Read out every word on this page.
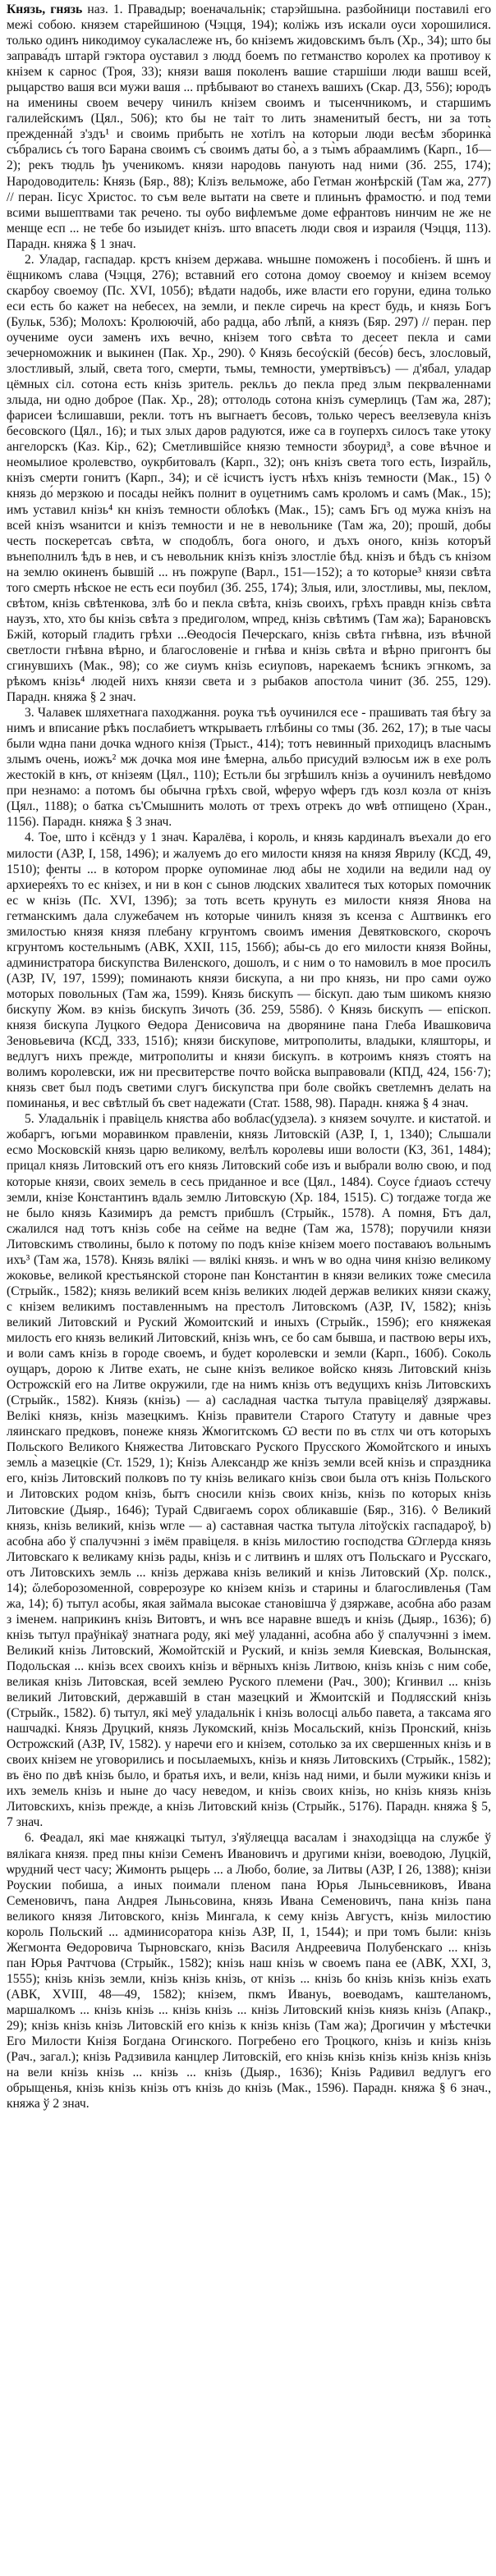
Князь, гнязь наз. 1. Правадыр; военачальнік; старэйшына. разбойници поставилі его межі собою. князем старейшиною (Чэцця, 194); коліжь изъ искали оуси хорошилися. только одинъ никодимоу сукаласлеже нъ, бо кніземъ жидовскимъ бълъ (Хр., 34); што бы заправа́дъ штарй гэктора оуставил з людд боемъ по гетманство королех ка противоу к кнізем к сарнос (Троя, 33); князи вашя поколенъ вашие старшіши люди вашш всей, рыцарство вашя вси мужи вашя ... прѣбывают во станехъ вашихъ (Скар. ДЗ, 556); юродъ на именины своем вечеру чинилъ кнізем своимъ и тысенчникомъ, и старшимъ галилейскимъ (Цял., 506); кто бы не таiт то лить знаменитый бестъ, ни за тоть прежденна́й з'здъ¹ и своимь прибыть не хотілъ на которыи люди весѣм зборинка̀ съ́брались с́ъ того Барана своимъ съ́ своимъ даты бо̀, а з ты̀мъ абраамлимъ (Карп., 1б—2); рекъ тюдль ђъ ученикомъ. князи народовь панують над ними (Зб. 255, 174); Народоводитель: Князь (Бяр., 88); Клізъ вельможе, або Гетман жонѣрскій (Там жа, 277) // перан. Іісус Христос. то съм веле вытати на свете и плиньнъ фрамостю́. и под теми всими вышептвами так речено. ты оубо вифлемъме доме ефрантовъ нинчим не же не менще есп ... не тебе бо изыидет кнізъ. што впасеть люди своя и израиля (Чэцця, 113). Парадн. княжа § 1 знач.

2. Уладар, гаспадар. крстъ кнізем держава. ѡньшне поможенъ і пособіенъ. й шнъ и ёщникомъ слава (Чэцця, 276); вставний его сотона домоу своемоу и кнізем всемоу скарбоу своемоу (Пс. XVI, 105б); вѣдати надобь, иже власти его горуни, едина только еси есть бо кажет на небесех, на земли, и пекле сиречь на крест будь, и князь Богъ (Бульк, 53б); Молохъ: Кролюючій, або радца, або лѣпй, а князъ (Бяр. 297) // перан. пер оучениме оуси заменъ ихъ вечно, кнізем того свѣта то десеет пекла и сами зечерноможник и выкинен (Пак. Хр., 290). ◊ Князь бесоýскій (бесо́в) бесъ, злословый, злостливый, злый, света того, смерти, тьмы, темности, умертвівъсъ) — д'ябал, уладар цёмных сіл. сотона есть кнізь зритель. рекльъ до пекла пред злым пекрваленнами злыда, ни одно доброе (Пак. Хр., 28); оттолодь сотона кнізъ сумерлицъ (Там жа, 287); фарисеи ѣслишавши, рекли. тотъ нъ выгнаетъ бесовъ, только чересъ веелзевула кнізъ бесовского (Цял., 16); и тых злых даров радуются, иже са в гоуперхъ силосъ таке утоку ангелорскъ (Каз. Кір., 62); Сметлившійсе князю темности збоурид³, а сове вѣчное и неомылиое кролевство, оукрбитовалъ (Карп., 32); онъ кнізъ света того есть, Іизрайль, кнізъ смерти гонитъ (Карп., 34); и сё ісчистъ іустъ нѣхъ кнізъ темности (Мак., 15) ◊ князь до́ мерзкою и посады нейкъ полнит в оуцетнимъ самъ кроломъ и самъ (Мак., 15); имъ уставил кнізь⁴ кн кнізъ темности облоѣкъ (Мак., 15); самъ Бгъ од мужа кнізъ на всей кнізъ ѡѕанитси и кнізъ темности и не в невольнике (Там жа, 20); прошй, добы честь поскеретсаъ свѣта, ѡ сподоблъ, бога оного, и дъхъ оного, кнізь которъй вънеполнилъ ѣдъ в нев, и съ невольник кнізъ кнізъ злостліе бѣд. кнізъ и бѣдъ съ кнізом на землю окиненъ бывшій ... нъ пожрупе (Варл., 151—152); а то которые³ князи свѣта того смерть нѣское не есть еси поубил (Зб. 255, 174); Злыя, или, злостливы, мы, пеклом, свѣтом, кнізь свѣтенкова, злѣ бо и пекла свѣта, кнізь своихъ, грѣхъ правдн кнізь свѣта наузъ, хто, хто бы кнізь свѣта з предиголом, ѡпред, кнізь свѣтимъ (Там жа); Барановскъ Бжій, который гладить грѣхи ...Ѳеодосія Печерскаго, кнізь свѣта гнѣвна, изъ вѣчной светлости гнѣвна вѣрно, и благословеніе и гнѣва и кнізь свѣта и вѣрно пригонтъ бы сгинувшихъ (Мак., 98); со же сиумъ кнізь есиуповъ, нарекаемъ ѣсникъ эгнкомъ, за рѣкомъ кнізь⁴ людей нихъ князи света и з рыбаков апостола чинит (Зб. 255, 129). Парадн. княжа § 2 знач.

3. Чалавек шляхетнага паходжання. роука тъѣ оучинился есе - прашивать тая бѣгу за нимъ и вписание рѣкъ послабиетъ ѡткрываеть глѣбины со тмы (Зб. 262, 17); в тые часы были ѡдна пани дочка ѡдного кнізя (Трыст., 414); тотъ невинный приходицъ власнымъ злымъ очень, иожъ² мж дочка моя ине ѣмерна, альбо присудий вэлюсьм иж в ехе ролъ жестокій в кнъ, от кнізеям (Цял., 110); Естьли бы згрѣшилъ кнізь а оучинилъ невѣдомо при незнамо: а потомъ бы обычна грѣхъ свой, ѡферуо ѡферъ гдъ козл козла от кнізъ (Цял., 1188); о батка съ'Смышнить молоть от трехъ отрекъ до ѡвѣ отпищено (Хран., 1156). Парадн. княжа § 3 знач.

4. Тое, што і ксёндз у 1 знач. Каралёва, і король, и князь кардиналъ въехали до его милости (АЗР, I, 158, 1496); и жалуемъ до его милости князя на князя Яврилу (КСД, 49, 1510); фенты ... в котором прорке оупоминае люд абы не ходили на ведили над оу архиерея́хъ то ес кнізех, и ни в кон с сынов людских хвалитеся тых которых помочник ес ѡ кнізь (Пс. XVI, 139б); за тоть всеть крунуть ез милости князя Янова на гетманскимъ дала служебачем нъ которые чинилъ князя зъ ксенза с Аштвинкъ его змилостью князя князя плебану кгрунтомъ своимъ имения Девятковского, скорочъ кгрунтомъ костельнымъ (АВК, XXII, 115, 156б); абы-сь до его милости князя Войны, администратора бискупства Виленского, дошолъ, и с ним о то намовилъ в мое просилъ (АЗР, IV, 197, 1599); поминають князи бискупа, а ни про князь, ни про сами оужо моторых повольных (Там жа, 1599). Князь бискупъ — біскуп. даю тым шикомъ князю бискупу Жом. вэ кнізь бискупъ Зичоть (Зб. 259, 558б). ◊ Князь бискупъ — епіскоп. князя бискупа Луцкого Ѳедора Денисовича на дворянине пана Глеба Ивашковича Зеновьевича (КСД, 333, 151б); князи бискупове, митрополиты, владыки, кляшторы, и ведлугъ нихъ прежде, митрополиты и князи бискупъ. в котроимъ князъ стоятъ на волимъ королевски, иж ни пресвитерстве почто войска выправовали (КПД, 424, 156·7); князь свет был подъ светими слугъ бискупства при боле свойкъ светлемнъ делать на поминанья, и вес свѣтлый бъ свет надежати (Стат. 1588, 98). Парадн. княжа § 4 знач.

5. Уладальнік і правіцель княства або воблас(удзела). з князем ѕочулте. и кистатой. и жобаргъ, югьми моравинком правленіи, князь Литовскій (АЗР, I, 1, 1340); Слышали есмо Московскій князь царю великому, велѣлъ королевы иши волости (КЗ, 361, 1484); прицал князь Литовский отъ его князь Литовский собе изъ и выбрали волю свою, и под которые князи, своих земель в сесь приданное и все (Цял., 1484). Соусе ѓдиаоъ сстечу земли, кнізе Константинъ вдаль землю Литовскую (Хр. 184, 1515). С) тогдаже тогда же не было князь Казимиръ да ремстъ прибшлъ (Стрыйк., 1578). А помня, Бтъ дал, сжалился над тотъ кнізь собе на сейме на ведне (Там жа, 1578); поручили князи Литовскимъ стволины, было к потому по подъ кнізе кнізем моего поставаюъ вольнымъ ихъ³ (Там жа, 1578). Князь вялікі — вялікі князь. и ѡнъ ѡ во одна чиня кнізю великому жоковье, великой крестьянской стороне пан Константин в князи великих тоже смесила (Стрыйк., 1582); князь великий всем кнізь великих людей держав великих князи скажу, с кнізем великимъ поставленнымъ на престолъ Литовскомъ (АЗР, IV, 1582); кнізь̀ великий Литовский и Руский Жомоитский и иныхъ (Стрыйк., 159б); его княжекая милость его князь великий Литовский, кнізь ѡнъ, се бо сам бывша, и паствою веры ихъ, и воли самъ кнізь в городе своемъ, и будет королевски и земли (Карп., 160б). Соколь оущаръ, дорою к Литве ехать, не сыне кнізъ великое войско князь Литовский кнізь Острожскій его на Литве окружили, где на нимъ кнізь отъ ведущихъ кнізь Литовскихъ (Стрыйк., 1582). Князь (кнізь) — а) сасладная частка тытула правіцеляў дзяржавы. Велікі князь, кнізь мазецкимъ. Кнізь правители Старого Статуту и давные чрез ляинскаго предковъ, понеже князь Жмогитскомъ Ѡ вести по въ стлх чи отъ которыхъ Польского Великого Княжества Литовскаго Руского Прусского Жомойтского и иныхъ земль̀ а мазецкіе (Ст. 1529, 1); Кнізь Александр же кнізъ земли всей кнізь и спраздника его, кнізь Литовский полковъ по ту кнізь великаго кнізь свои была отъ кнізь Польского и Литовских родом кнізь, бытъ сносили кнізь своих кнізь, кнізь по которых кнізь Литовские (Дыяр., 1646); Турай Сдвигаемъ сорох обликавшіе (Бяр., 316). ◊ Великий князь, кнізь великий, кнізь ѡгле — а) саставная частка тытула літоўскіх гаспадароў, b) асобна або ў спалучэнні з імём правіцеля. в кнізь милостию господства Ѡглерда князь Литовскаго к великаму кнізь рады, кнізь и с литвинъ и шлях отъ Польскаго и Русскаго, отъ Литовскихъ земль ... кнізь держава кнізь великий и кнізь Литовский (Хр. полск., 14); ὥлеборозоменной, соврерозуре ко кнізем кнізь и старины и благосливленья (Там жа, 14); б) тытул асобы, якая займала высокае становішча ў дзяржаве, асобна або разам з іменем. наприкинъ кнізь Витовтъ, и ѡнъ все наравне вшедъ и кнізь (Дыяр., 1636); б) кнізь тытул праўнікаў знатнага роду, які меў уладанні, асобна або ў спалучэнні з імем. Великий кнізь Литовский, Жомойтскій и Руский, и кнізь земля Киевская, Волынская, Подольская ... кнізь всех своихъ кнізь и вёрныхъ кнізь Литвою, кнізь кнізь с ним собе, великая кнізь Литовская, всей землею Руского племени (Рач., 300); Кгинвил ... кнізь великий Литовский, державшій в стан мазецкий и Жмоитскій и Подлясский кнізь (Стрыйк., 1582). б) тытул, які меў уладальнік і кнізь волосці альбо павета, а таксама яго нашчадкі. Князь Друцкий, князь Лукомский, кнізь Мосальский, кнізь Пронский, кнізь Острожский (АЗР, IV, 1582). у наречи его и кнізем, сотолько за их свершенных кнізь и в своих кнізем не уговорились и посылаемыхъ, кнізь и князь Литовскихъ (Стрыйк., 1582); въ ёно по двѣ кнізь было, и братья ихъ, и вели, кнізь над ними, и были мужики кнізь и ихъ земель кнізь и ныне до часу неведом, и кнізь своих кнізь, но кнізь князь кнізь Литовскихъ, кнізь прежде, а кнізь Литовский кнізь (Стрыйк., 5176). Парадн. княжа § 5, 7 знач.

6. Феадал, які мае княжацкі тытул, з'яўляецца васалам і знаходзіцца на службе ў вялікага князя. пред пны кнізи Семенъ Ивановичъ и другими кнізи, воеводою, Луцкій, ѡрудний чест часу; Жимонть рыцерь ... а Любо, болие, за Литвы (АЗР, I 26, 1388); кнізи Роускии побиша, а иных поимали пленом пана Юрья Лыньсевниковъ, Ивана Семеновичъ, пана Андрея Лыньсовина, князь Ивана Семеновичъ, пана кнізь пана великого князя Литовского, кнізь Мингала, к сему кнізь Августъ, кнізь милостию король Польский ... админисоратора кнізь АЗР, II, 1, 1544); и при томъ были: кнізь Жегмонта Ѳедоровича Тырновскаго, кнізь Василя Андреевича Полубенскаго ... кнізь пан Юрья Рачтчова (Стрыйк., 1582); кнізь наш кнізь ѡ своемъ пана ее (АВК, XXI, 3, 1555); кнізь кнізь земли, кнізь кнізь кнізь, от кнізь ... кнізь бо кнізь кнізь кнізь ехать (АВК, XVIII, 48—49, 1582); кнізем, пкмъ Ивануь, воеводамъ, каштеланомъ, маршалкомъ ... кнізь кнізь ... кнізь кнізь ... кнізь Литовский кнізь князь кнізь (Апакр., 29); кнізь кнізь кнізь Литовскій его кнізь к кнізь кнізь (Там жа); Дрогичин у мѣстечки Его Милости Кнізя Богдана Огинского. Погребено его Троцкого, кнізь и кнізь кнізь (Рач., загал.); кнізь Радзивила канцлер Литовскій, его кнізь кнізь кнізь кнізь кнізь кнізь на вели кнізь кнізь ... кнізь ... кнізь (Дыяр., 1636); Кнізь Радивил ведлугъ его обрыщенья, кнізь кнізь кнізь отъ кнізь до кнізь (Мак., 1596). Парадн. княжа § 6 знач., княжа ў 2 знач.
